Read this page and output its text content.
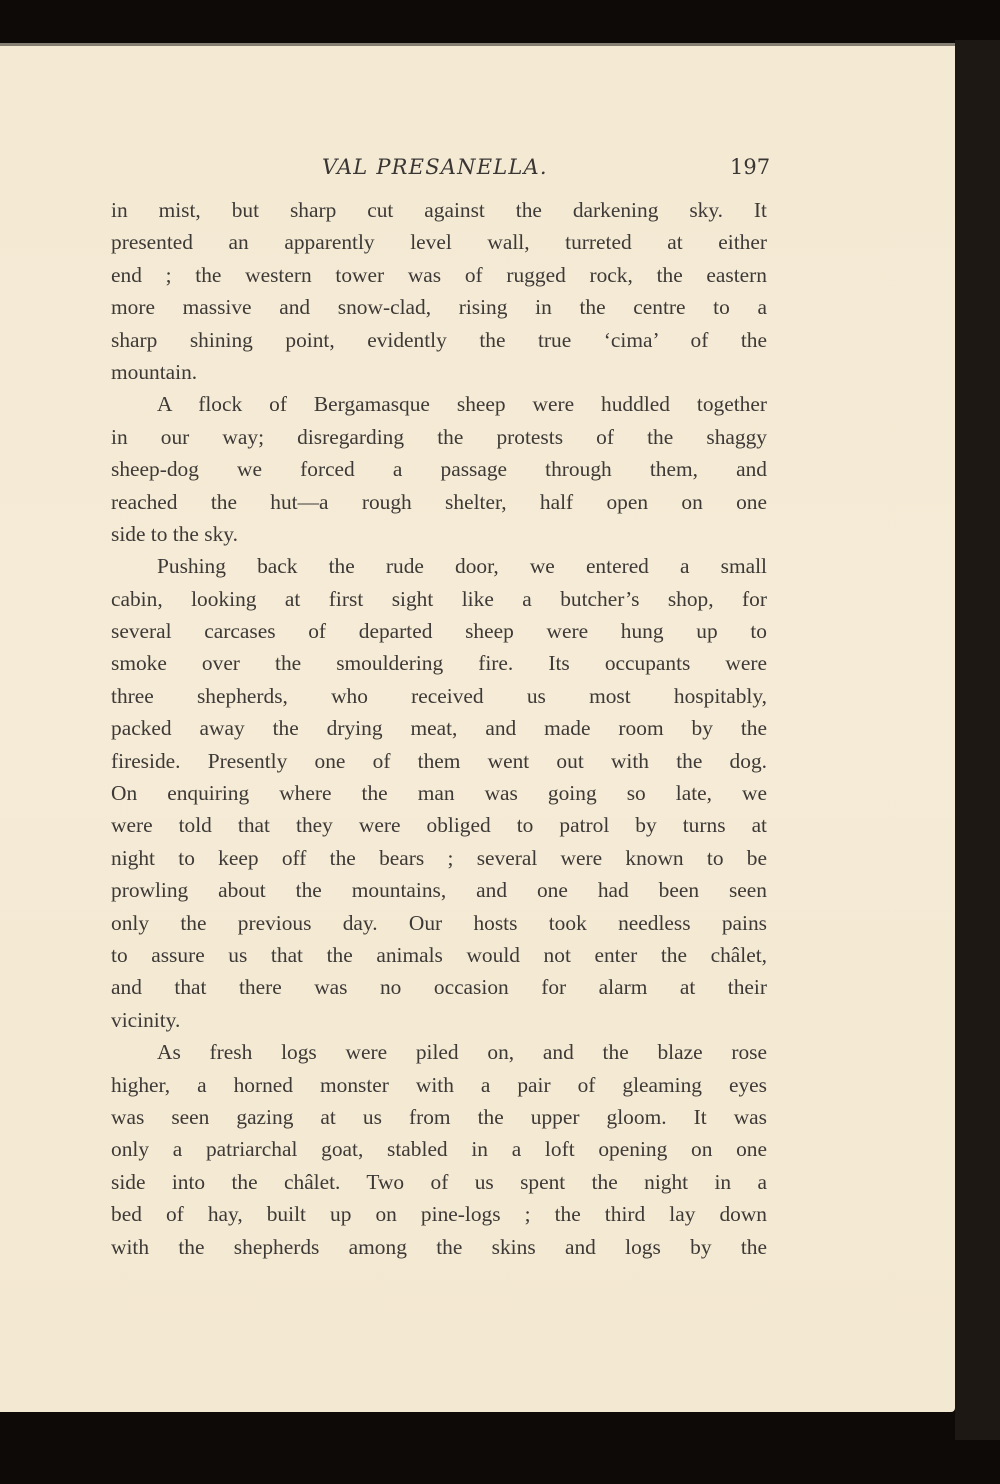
VAL PRESANELLA.	197
in mist, but sharp cut against the darkening sky. It
presented an apparently level wall, turreted at either
end ; the western tower was of rugged rock, the eastern
more massive and snow-clad, rising in the centre to a
sharp shining point, evidently the true ‘cima’ of the
mountain.
A flock of Bergamasque sheep were huddled together
in our way; disregarding the protests of the shaggy
sheep-dog we forced a passage through them, and
reached the hut—a rough shelter, half open on one
side to the sky.
Pushing back the rude door, we entered a small
cabin, looking at first sight like a butcher’s shop, for
several carcases of departed sheep were hung up to
smoke over the smouldering fire. Its occupants were
three shepherds, who received us most hospitably,
packed away the drying meat, and made room by the
fireside. Presently one of them went out with the dog.
On enquiring where the man was going so late, we
were told that they were obliged to patrol by turns at
night to keep off the bears ; several were known to be
prowling about the mountains, and one had been seen
only the previous day. Our hosts took needless pains
to assure us that the animals would not enter the châlet,
and that there was no occasion for alarm at their
vicinity.
As fresh logs were piled on, and the blaze rose
higher, a horned monster with a pair of gleaming eyes
was seen gazing at us from the upper gloom. It was
only a patriarchal goat, stabled in a loft opening on one
side into the châlet. Two of us spent the night in a
bed of hay, built up on pine-logs ; the third lay down
with the shepherds among the skins and logs by the
